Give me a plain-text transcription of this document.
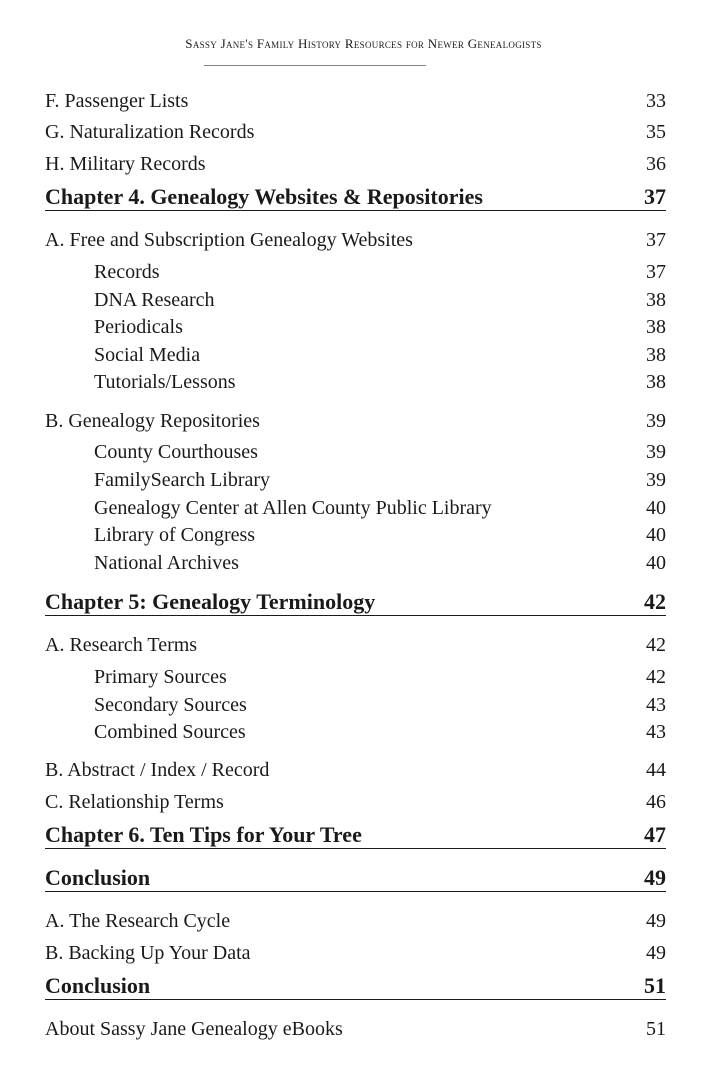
Sassy Jane's Family History Resources for Newer Genealogists
F. Passenger Lists	33
G. Naturalization Records	35
H. Military Records	36
Chapter 4. Genealogy Websites & Repositories	37
A. Free and Subscription Genealogy Websites	37
Records	37
DNA Research	38
Periodicals	38
Social Media	38
Tutorials/Lessons	38
B. Genealogy Repositories	39
County Courthouses	39
FamilySearch Library	39
Genealogy Center at Allen County Public Library	40
Library of Congress	40
National Archives	40
Chapter 5: Genealogy Terminology	42
A. Research Terms	42
Primary Sources	42
Secondary Sources	43
Combined Sources	43
B. Abstract / Index / Record	44
C. Relationship Terms	46
Chapter 6. Ten Tips for Your Tree	47
Conclusion	49
A. The Research Cycle	49
B. Backing Up Your Data	49
Conclusion	51
About Sassy Jane Genealogy eBooks	51
